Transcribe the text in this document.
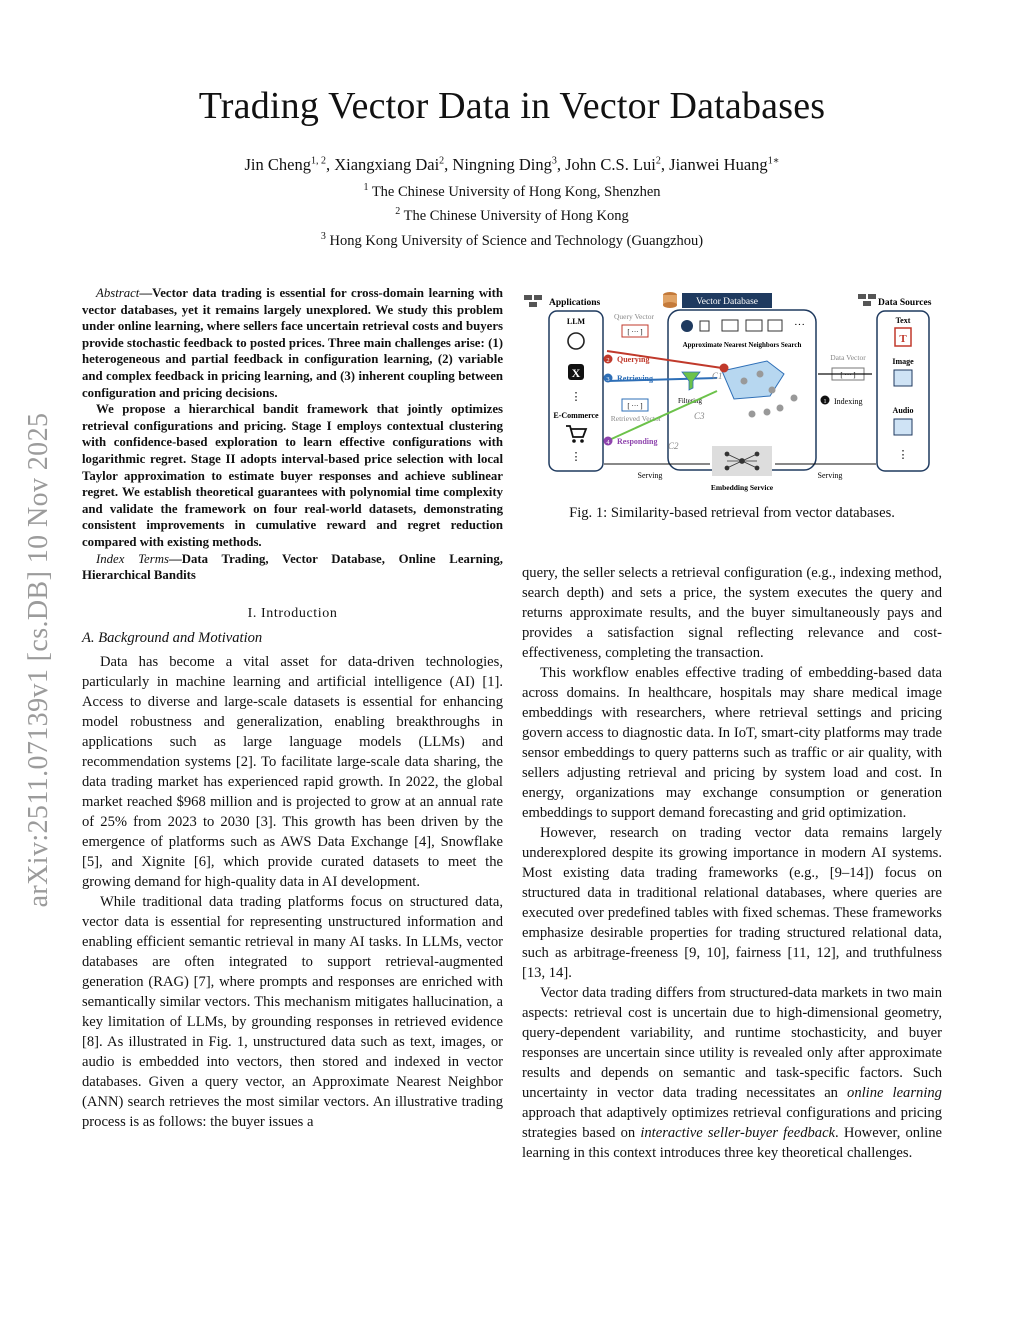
arXiv:2511.07139v1 [cs.DB] 10 Nov 2025
Trading Vector Data in Vector Databases
Jin Cheng$^{1, 2}$, Xiangxiang Dai$^2$, Ningning Ding$^3$, John C.S. Lui$^2$, Jianwei Huang$^{1∗}$
$^1$ The Chinese University of Hong Kong, Shenzhen
$^2$ The Chinese University of Hong Kong
$^3$ Hong Kong University of Science and Technology (Guangzhou)

Abstract—Vector data trading is essential for cross-domain learning with vector databases, yet it remains largely unexplored. We study this problem under online learning, where sellers face uncertain retrieval costs and buyers provide stochastic feedback to posted prices. Three main challenges arise: (1) heterogeneous and partial feedback in configuration learning, (2) variable and complex feedback in pricing learning, and (3) inherent coupling between configuration and pricing decisions.

We propose a hierarchical bandit framework that jointly optimizes retrieval configurations and pricing. Stage I employs contextual clustering with confidence-based exploration to learn effective configurations with logarithmic regret. Stage II adopts interval-based price selection with local Taylor approximation to estimate buyer responses and achieve sublinear regret. We establish theoretical guarantees with polynomial time complexity and validate the framework on four real-world datasets, demonstrating consistent improvements in cumulative reward and regret reduction compared with existing methods.

Index Terms—Data Trading, Vector Database, Online Learning, Hierarchical Bandits

I. Introduction
A. Background and Motivation

Data has become a vital asset for data-driven technologies, particularly in machine learning and artificial intelligence (AI) [1]. Access to diverse and large-scale datasets is essential for enhancing model robustness and generalization, enabling breakthroughs in applications such as large language models (LLMs) and recommendation systems [2]. To facilitate large-scale data sharing, the data trading market has experienced rapid growth. In 2022, the global market reached $968 million and is projected to grow at an annual rate of 25% from 2023 to 2030 [3]. This growth has been driven by the emergence of platforms such as AWS Data Exchange [4], Snowflake [5], and Xignite [6], which provide curated datasets to meet the growing demand for high-quality data in AI development.

While traditional data trading platforms focus on structured data, vector data is essential for representing unstructured information and enabling efficient semantic retrieval in many AI tasks. In LLMs, vector databases are often integrated to support retrieval-augmented generation (RAG) [7], where prompts and responses are enriched with semantically similar vectors. This mechanism mitigates hallucination, a key limitation of LLMs, by grounding responses in retrieved evidence [8]. As illustrated in Fig. 1, unstructured data such as text, images, or audio is embedded into vectors, then stored and indexed in vector databases. Given a query vector, an Approximate Nearest Neighbor (ANN) search retrieves the most similar vectors. An illustrative trading process is as follows: the buyer issues a

Applications
LLM
X
⋮
E-Commerce
⋮
Vector Database
Query Vector
[ ··· ]
···
Approximate Nearest Neighbors Search
2 Querying
3 Retrieving
Filtering
[ ··· ]
Retrieved Vector
4 Responding
C1
C3
C2
Data Vector
[ ··· ]
1 Indexing
Data Sources
Text
T
Image
Audio
⋮
Serving	Serving
Embedding Service
Fig. 1: Similarity-based retrieval from vector databases.

query, the seller selects a retrieval configuration (e.g., indexing method, search depth) and sets a price, the system executes the query and returns approximate results, and the buyer simultaneously pays and provides a satisfaction signal reflecting relevance and cost-effectiveness, completing the transaction.

This workflow enables effective trading of embedding-based data across domains. In healthcare, hospitals may share medical image embeddings with researchers, where retrieval settings and pricing govern access to diagnostic data. In IoT, smart-city platforms may trade sensor embeddings to query patterns such as traffic or air quality, with sellers adjusting retrieval and pricing by system load and cost. In energy, organizations may exchange consumption or generation embeddings to support demand forecasting and grid optimization.

However, research on trading vector data remains largely underexplored despite its growing importance in modern AI systems. Most existing data trading frameworks (e.g., [9–14]) focus on structured data in traditional relational databases, where queries are executed over predefined tables with fixed schemas. These frameworks emphasize desirable properties for trading structured relational data, such as arbitrage-freeness [9, 10], fairness [11, 12], and truthfulness [13, 14].

Vector data trading differs from structured-data markets in two main aspects: retrieval cost is uncertain due to high-dimensional geometry, query-dependent variability, and runtime stochasticity, and buyer responses are uncertain since utility is revealed only after approximate results and depends on semantic and task-specific factors. Such uncertainty in vector data trading necessitates an online learning approach that adaptively optimizes retrieval configurations and pricing strategies based on interactive seller-buyer feedback. However, online learning in this context introduces three key theoretical challenges.
